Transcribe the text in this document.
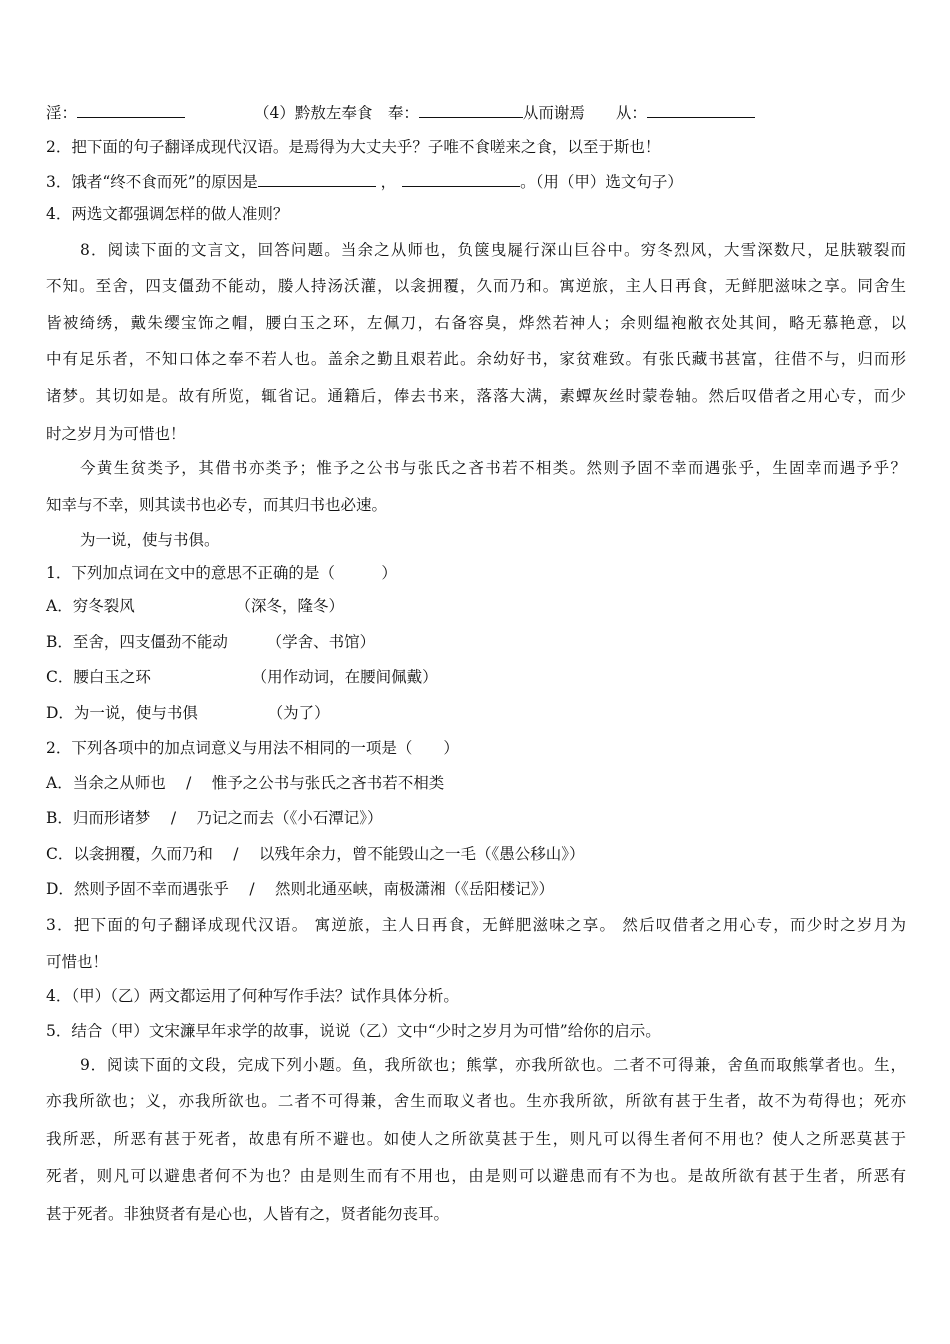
淫：	（4）黔敖左奉食　奉：	从而谢焉　　从：
2．把下面的句子翻译成现代汉语。是焉得为大丈夫乎？子唯不食嗟来之食，以至于斯也！
3．饿者“终不食而死”的原因是	，	。（用（甲）选文句子）
4．两选文都强调怎样的做人准则？
8．阅读下面的文言文，回答问题。当余之从师也，负箧曳屣行深山巨谷中。穷冬烈风，大雪深数尺，足肤皲裂而
不知。至舍，四支僵劲不能动，媵人持汤沃灌，以衾拥覆，久而乃和。寓逆旅，主人日再食，无鲜肥滋味之享。同舍生
皆被绮绣，戴朱缨宝饰之帽，腰白玉之环，左佩刀，右备容臭，烨然若神人；余则缊袍敝衣处其间，略无慕艳意，以
中有足乐者，不知口体之奉不若人也。盖余之勤且艰若此。余幼好书，家贫难致。有张氏藏书甚富，往借不与，归而形
诸梦。其切如是。故有所览，辄省记。通籍后，俸去书来，落落大满，素蟫灰丝时蒙卷轴。然后叹借者之用心专，而少
时之岁月为可惜也！
今黄生贫类予，其借书亦类予；惟予之公书与张氏之吝书若不相类。然则予固不幸而遇张乎，生固幸而遇予乎？
知幸与不幸，则其读书也必专，而其归书也必速。
为一说，使与书俱。
1．下列加点词在文中的意思不正确的是（　　　）
A．穷冬裂风　　　　　　　（深冬，隆冬）
B．至舍，四支僵劲不能动　　　（学舍、书馆）
C．腰白玉之环　　　　　　　（用作动词，在腰间佩戴）
D．为一说，使与书俱　　　　　（为了）
2．下列各项中的加点词意义与用法不相同的一项是（　　）
A．当余之从师也　 /　 惟予之公书与张氏之吝书若不相类
B．归而形诸梦　 /　 乃记之而去（《小石潭记》）
C．以衾拥覆，久而乃和　 /　 以残年余力，曾不能毁山之一毛（《愚公移山》）
D．然则予固不幸而遇张乎　 /　 然则北通巫峡，南极潇湘（《岳阳楼记》）
3．把下面的句子翻译成现代汉语。 寓逆旅，主人日再食，无鲜肥滋味之享。 然后叹借者之用心专，而少时之岁月为
可惜也！
4．（甲）（乙）两文都运用了何种写作手法？试作具体分析。
5．结合（甲）文宋濂早年求学的故事，说说（乙）文中“少时之岁月为可惜”给你的启示。
9．阅读下面的文段，完成下列小题。鱼，我所欲也；熊掌，亦我所欲也。二者不可得兼，舍鱼而取熊掌者也。生，
亦我所欲也；义，亦我所欲也。二者不可得兼，舍生而取义者也。生亦我所欲，所欲有甚于生者，故不为苟得也；死亦
我所恶，所恶有甚于死者，故患有所不避也。如使人之所欲莫甚于生，则凡可以得生者何不用也？使人之所恶莫甚于
死者，则凡可以避患者何不为也？由是则生而有不用也，由是则可以避患而有不为也。是故所欲有甚于生者，所恶有
甚于死者。非独贤者有是心也，人皆有之，贤者能勿丧耳。
